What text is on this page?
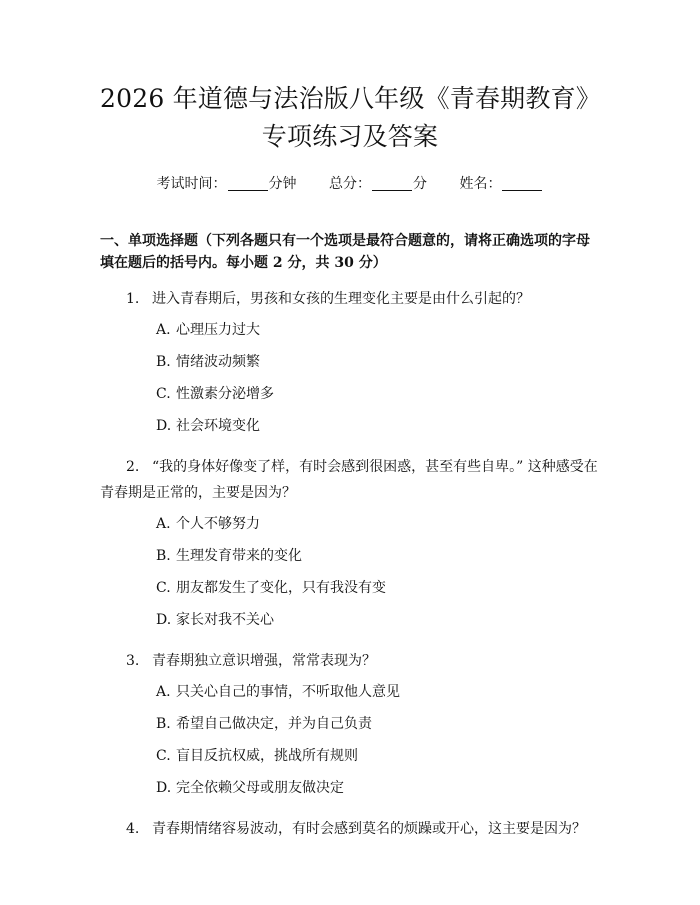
2026 年道德与法治版八年级《青春期教育》
专项练习及答案
考试时间：	分钟 总分：	分 姓名：
一、单项选择题（下列各题只有一个选项是最符合题意的，请将正确选项的字母填在题后的括号内。每小题 2 分，共 30 分）
1. 进入青春期后，男孩和女孩的生理变化主要是由什么引起的？
A. 心理压力过大
B. 情绪波动频繁
C. 性激素分泌增多
D. 社会环境变化
2. “我的身体好像变了样，有时会感到很困惑，甚至有些自卑。” 这种感受在青春期是正常的，主要是因为？
A. 个人不够努力
B. 生理发育带来的变化
C. 朋友都发生了变化，只有我没有变
D. 家长对我不关心
3. 青春期独立意识增强，常常表现为？
A. 只关心自己的事情，不听取他人意见
B. 希望自己做决定，并为自己负责
C. 盲目反抗权威，挑战所有规则
D. 完全依赖父母或朋友做决定
4. 青春期情绪容易波动，有时会感到莫名的烦躁或开心，这主要是因为？
